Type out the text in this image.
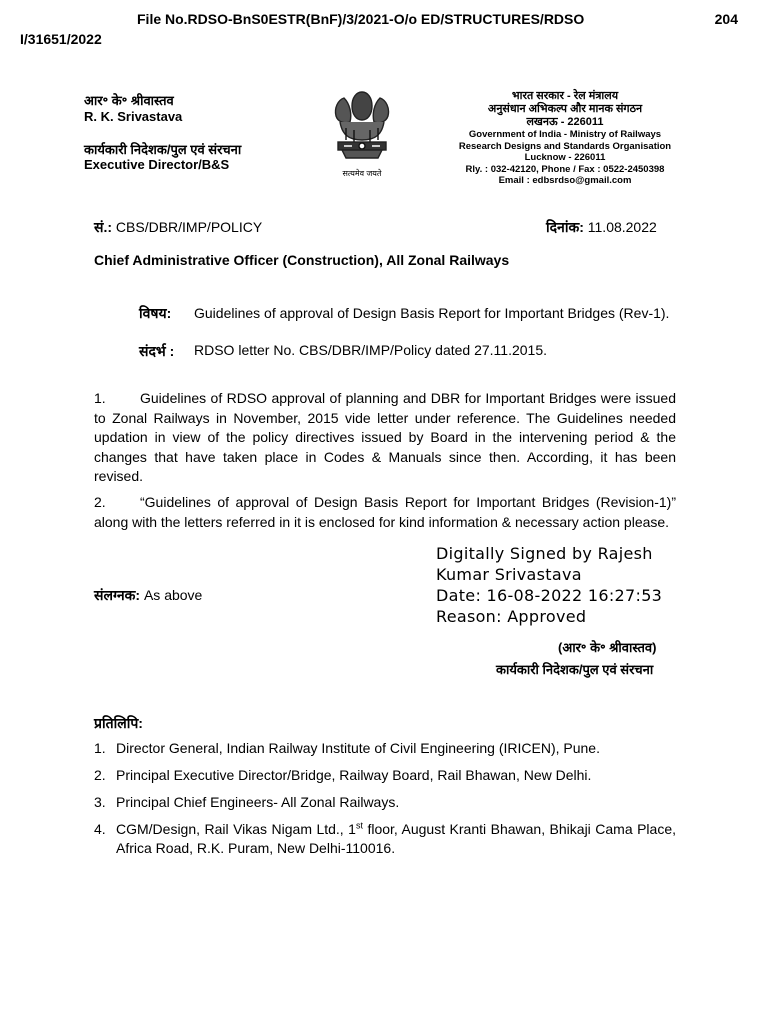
File No.RDSO-BnS0ESTR(BnF)/3/2021-O/o ED/STRUCTURES/RDSO
I/31651/2022
204
आर॰ के॰ श्रीवास्तव
R. K. Srivastava
कार्यकारी निदेशक/पुल एवं संरचना
Executive Director/B&S
सत्यमेव जयते
भारत सरकार - रेल मंत्रालय
अनुसंधान अभिकल्प और मानक संगठन
लखनऊ - 226011
Government of India - Ministry of Railways
Research Designs and Standards Organisation
Lucknow - 226011
Rly. : 032-42120, Phone / Fax : 0522-2450398
Email : edbsrdso@gmail.com
सं.: CBS/DBR/IMP/POLICY	दिनांक: 11.08.2022
Chief Administrative Officer (Construction), All Zonal Railways
विषय: Guidelines of approval of Design Basis Report for Important Bridges (Rev-1).
संदर्भ : RDSO letter No. CBS/DBR/IMP/Policy dated 27.11.2015.
1. Guidelines of RDSO approval of planning and DBR for Important Bridges were issued to Zonal Railways in November, 2015 vide letter under reference. The Guidelines needed updation in view of the policy directives issued by Board in the intervening period & the changes that have taken place in Codes & Manuals since then. According, it has been revised.
2. “Guidelines of approval of Design Basis Report for Important Bridges (Revision-1)” along with the letters referred in it is enclosed for kind information & necessary action please.
Digitally Signed by Rajesh
Kumar Srivastava
Date: 16-08-2022 16:27:53
Reason: Approved
संलग्नक: As above
(आर॰ के॰ श्रीवास्तव)
कार्यकारी निदेशक/पुल एवं संरचना
प्रतिलिपि:
1. Director General, Indian Railway Institute of Civil Engineering (IRICEN), Pune.
2. Principal Executive Director/Bridge, Railway Board, Rail Bhawan, New Delhi.
3. Principal Chief Engineers- All Zonal Railways.
4. CGM/Design, Rail Vikas Nigam Ltd., 1st floor, August Kranti Bhawan, Bhikaji Cama Place, Africa Road, R.K. Puram, New Delhi-110016.
